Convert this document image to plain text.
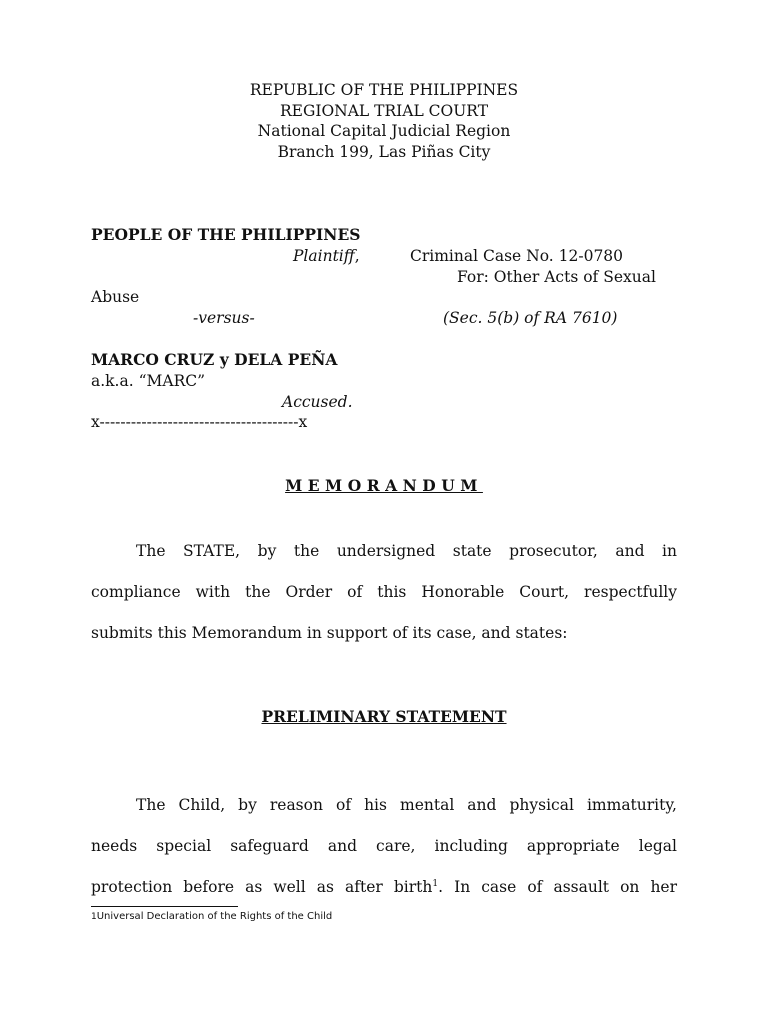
REPUBLIC OF THE PHILIPPINES
REGIONAL TRIAL COURT
National Capital Judicial Region
Branch 199, Las Piñas City
PEOPLE OF THE PHILIPPINES
Plaintiff,	Criminal Case No. 12-0780
For: Other Acts of Sexual
Abuse
-versus-	(Sec. 5(b) of RA 7610)
MARCO CRUZ y DELA PEÑA
a.k.a. “MARC”
Accused.
x--------------------------------------x
MEMORANDUM
The STATE, by the undersigned state prosecutor, and in
compliance with the Order of this Honorable Court, respectfully
submits this Memorandum in support of its case, and states:
PRELIMINARY STATEMENT
The Child, by reason of his mental and physical immaturity,
needs special safeguard and care, including appropriate legal
protection before as well as after birth$^1$. In case of assault on her
1Universal Declaration of the Rights of the Child
